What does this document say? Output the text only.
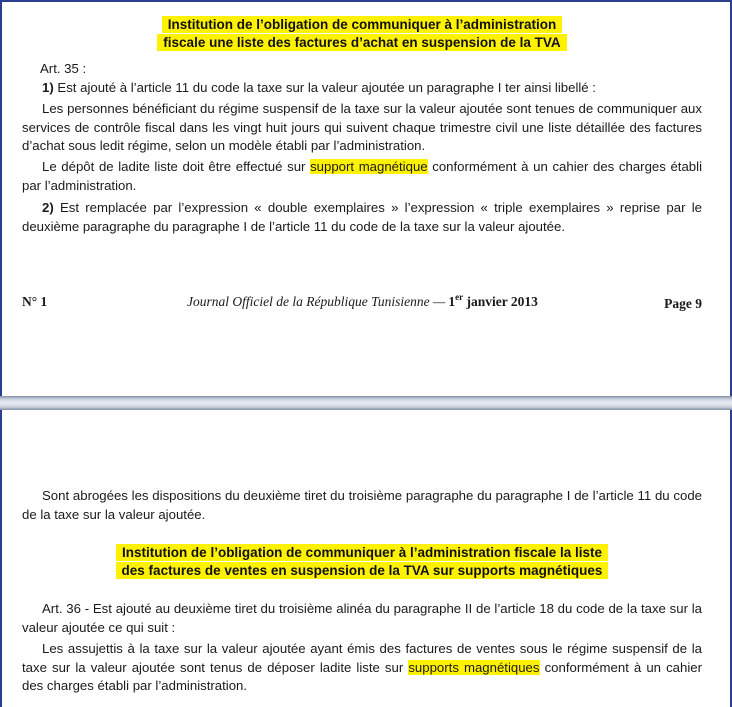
Institution de l’obligation de communiquer à l’administration
fiscale une liste des factures d’achat en suspension de la TVA

Art. 35 :

1) Est ajouté à l’article 11 du code la taxe sur la valeur ajoutée un paragraphe I ter ainsi libellé :

Les personnes bénéficiant du régime suspensif de la taxe sur la valeur ajoutée sont tenues de communiquer aux services de contrôle fiscal dans les vingt huit jours qui suivent chaque trimestre civil une liste détaillée des factures d’achat sous ledit régime, selon un modèle établi par l’administration.

Le dépôt de ladite liste doit être effectué sur support magnétique conformément à un cahier des charges établi par l’administration.

2) Est remplacée par l’expression « double exemplaires » l’expression « triple exemplaires » reprise par le deuxième paragraphe du paragraphe I de l’article 11 du code de la taxe sur la valeur ajoutée.

N° 1	Journal Officiel de la République Tunisienne — 1er janvier 2013	Page 9

Sont abrogées les dispositions du deuxième tiret du troisième paragraphe du paragraphe I de l’article 11 du code de la taxe sur la valeur ajoutée.

Institution de l’obligation de communiquer à l’administration fiscale la liste
des factures de ventes en suspension de la TVA sur supports magnétiques

Art. 36 - Est ajouté au deuxième tiret du troisième alinéa du paragraphe II de l’article 18 du code de la taxe sur la valeur ajoutée ce qui suit :

Les assujettis à la taxe sur la valeur ajoutée ayant émis des factures de ventes sous le régime suspensif de la taxe sur la valeur ajoutée sont tenus de déposer ladite liste sur supports magnétiques conformément à un cahier des charges établi par l’administration.
